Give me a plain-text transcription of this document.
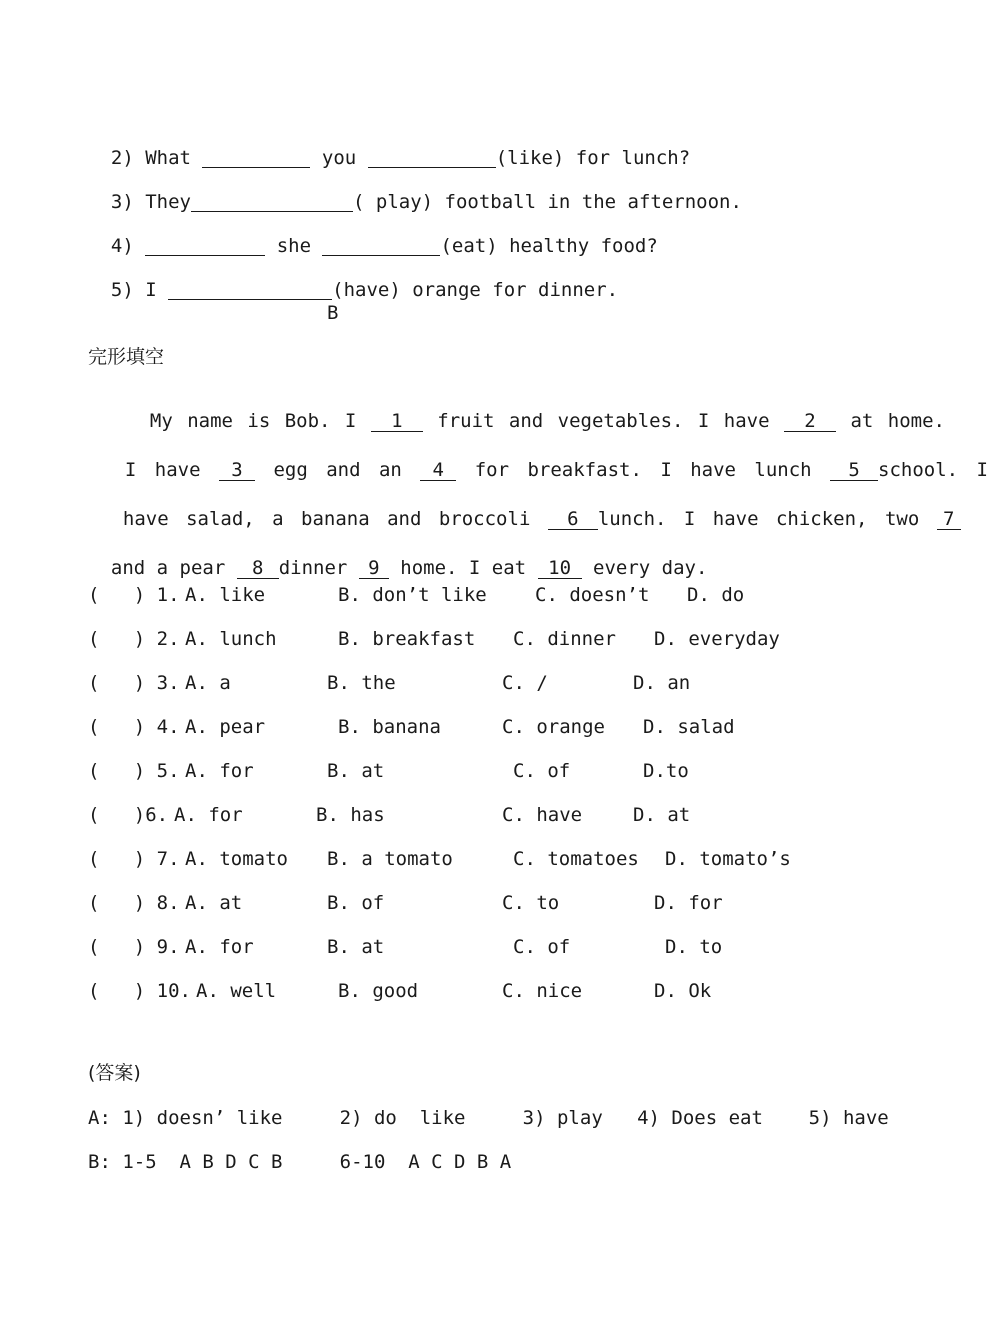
2) What	you	(like) for lunch?

3) They	( play) football in the afternoon.

4)	she	(eat) healthy food?

5) I	(have) orange for dinner.

B
完形填空

My name is Bob. I 1 fruit and vegetables. I have 2 at home.

I have 3 egg and an 4 for breakfast. I have lunch 5 school. I

have salad, a banana and broccoli 6 lunch. I have chicken, two 7

and a pear 8 dinner 9 home. I eat 10 every day.

(   ) 1. A. like	B. don’t like	C. doesn’t D. do
(   ) 2. A. lunch	B. breakfast C. dinner D. everyday
(   ) 3. A. a	B. the	C. /	D. an
(   ) 4. A. pear	B. banana	C. orange D. salad
(   ) 5. A. for	B. at	C. of	D.to
(   )6. A. for	B. has	C. have	D. at
(   ) 7. A. tomato B. a tomato	C. tomatoes D. tomato’s
(   ) 8. A. at	B. of	C. to	D. for
(   ) 9. A. for	B. at	C. of	D. to
(   ) 10. A. well	B. good	C. nice	D. Ok
(答案)
A: 1) doesn’ like     2) do  like     3) play   4) Does eat    5) have
B: 1-5  A B D C B     6-10  A C D B A
